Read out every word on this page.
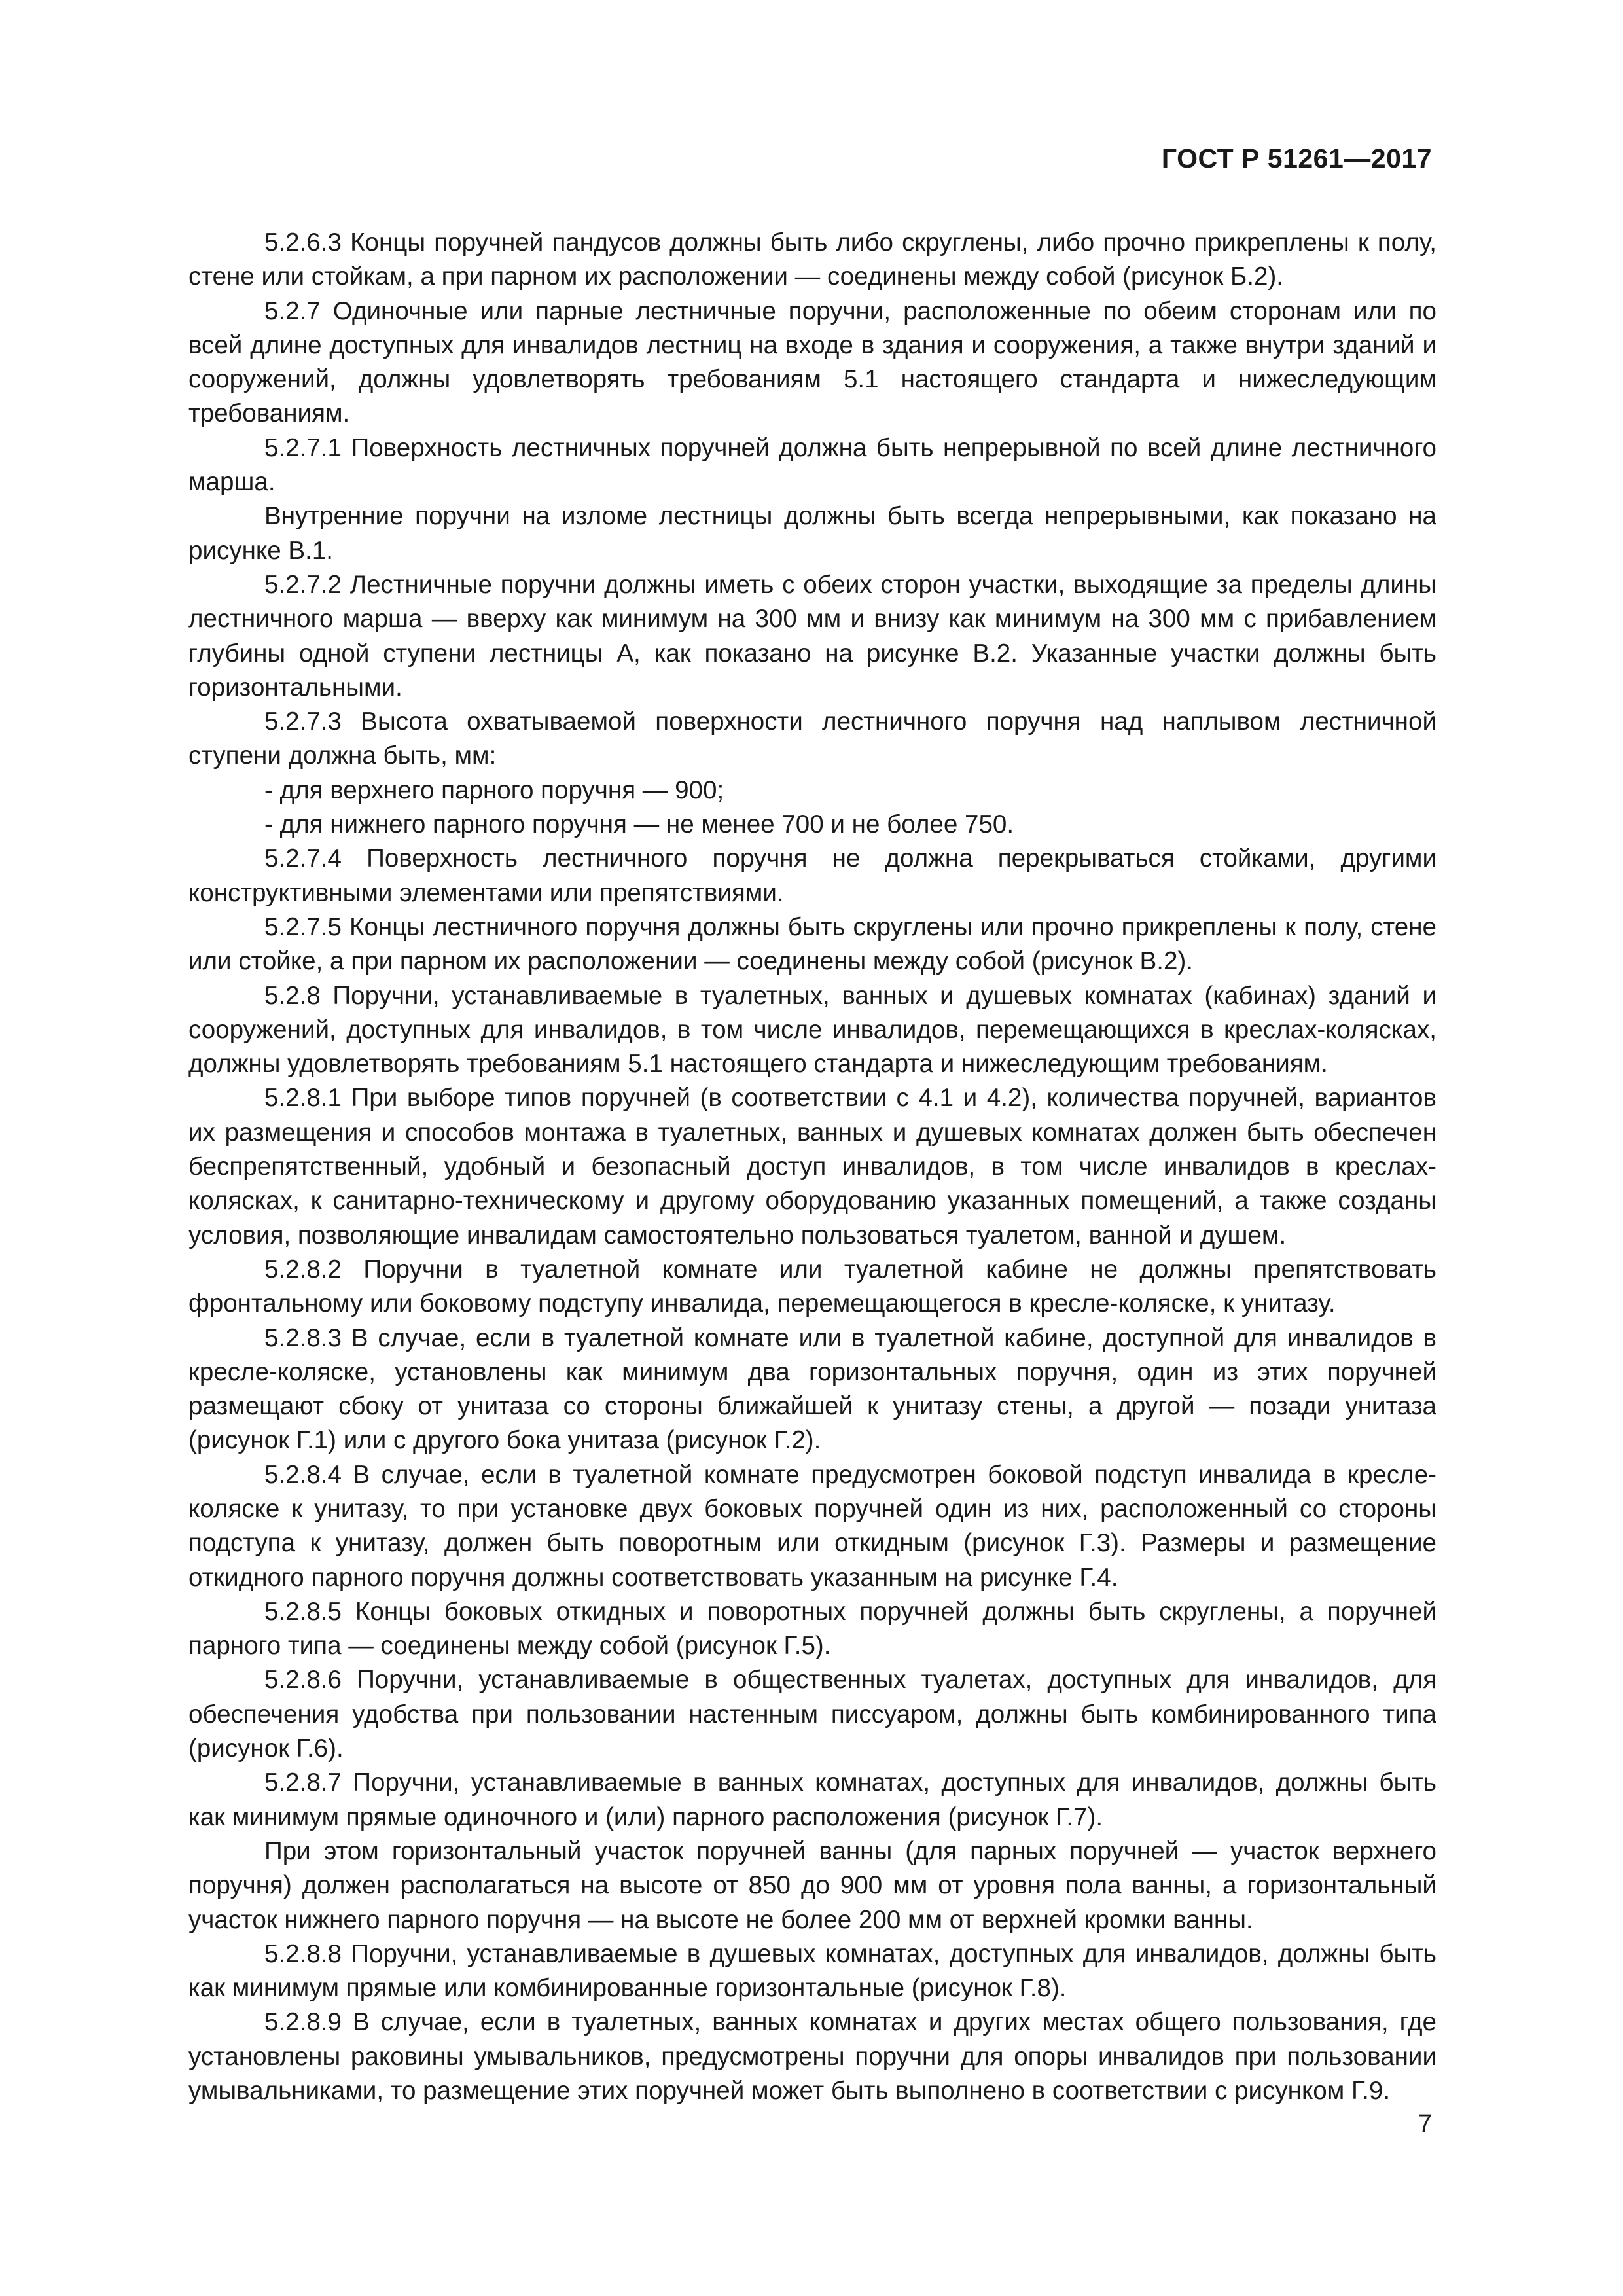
ГОСТ Р 51261—2017

5.2.6.3 Концы поручней пандусов должны быть либо скруглены, либо прочно прикреплены к полу, стене или стойкам, а при парном их расположении — соединены между собой (рисунок Б.2).

5.2.7 Одиночные или парные лестничные поручни, расположенные по обеим сторонам или по всей длине доступных для инвалидов лестниц на входе в здания и сооружения, а также внутри зданий и сооружений, должны удовлетворять требованиям 5.1 настоящего стандарта и нижеследующим требованиям.

5.2.7.1 Поверхность лестничных поручней должна быть непрерывной по всей длине лестничного марша.

Внутренние поручни на изломе лестницы должны быть всегда непрерывными, как показано на рисунке В.1.

5.2.7.2 Лестничные поручни должны иметь с обеих сторон участки, выходящие за пределы длины лестничного марша — вверху как минимум на 300 мм и внизу как минимум на 300 мм с прибавлением глубины одной ступени лестницы А, как показано на рисунке В.2. Указанные участки должны быть горизонтальными.

5.2.7.3 Высота охватываемой поверхности лестничного поручня над наплывом лестничной ступени должна быть, мм:

- для верхнего парного поручня — 900;

- для нижнего парного поручня — не менее 700 и не более 750.

5.2.7.4 Поверхность лестничного поручня не должна перекрываться стойками, другими конструктивными элементами или препятствиями.

5.2.7.5 Концы лестничного поручня должны быть скруглены или прочно прикреплены к полу, стене или стойке, а при парном их расположении — соединены между собой (рисунок В.2).

5.2.8 Поручни, устанавливаемые в туалетных, ванных и душевых комнатах (кабинах) зданий и сооружений, доступных для инвалидов, в том числе инвалидов, перемещающихся в креслах-колясках, должны удовлетворять требованиям 5.1 настоящего стандарта и нижеследующим требованиям.

5.2.8.1 При выборе типов поручней (в соответствии с 4.1 и 4.2), количества поручней, вариантов их размещения и способов монтажа в туалетных, ванных и душевых комнатах должен быть обеспечен беспрепятственный, удобный и безопасный доступ инвалидов, в том числе инвалидов в креслах-колясках, к санитарно-техническому и другому оборудованию указанных помещений, а также созданы условия, позволяющие инвалидам самостоятельно пользоваться туалетом, ванной и душем.

5.2.8.2 Поручни в туалетной комнате или туалетной кабине не должны препятствовать фронтальному или боковому подступу инвалида, перемещающегося в кресле-коляске, к унитазу.

5.2.8.3 В случае, если в туалетной комнате или в туалетной кабине, доступной для инвалидов в кресле-коляске, установлены как минимум два горизонтальных поручня, один из этих поручней размещают сбоку от унитаза со стороны ближайшей к унитазу стены, а другой — позади унитаза (рисунок Г.1) или с другого бока унитаза (рисунок Г.2).

5.2.8.4 В случае, если в туалетной комнате предусмотрен боковой подступ инвалида в кресле-коляске к унитазу, то при установке двух боковых поручней один из них, расположенный со стороны подступа к унитазу, должен быть поворотным или откидным (рисунок Г.3). Размеры и размещение откидного парного поручня должны соответствовать указанным на рисунке Г.4.

5.2.8.5 Концы боковых откидных и поворотных поручней должны быть скруглены, а поручней парного типа — соединены между собой (рисунок Г.5).

5.2.8.6 Поручни, устанавливаемые в общественных туалетах, доступных для инвалидов, для обеспечения удобства при пользовании настенным писсуаром, должны быть комбинированного типа (рисунок Г.6).

5.2.8.7 Поручни, устанавливаемые в ванных комнатах, доступных для инвалидов, должны быть как минимум прямые одиночного и (или) парного расположения (рисунок Г.7).

При этом горизонтальный участок поручней ванны (для парных поручней — участок верхнего поручня) должен располагаться на высоте от 850 до 900 мм от уровня пола ванны, а горизонтальный участок нижнего парного поручня — на высоте не более 200 мм от верхней кромки ванны.

5.2.8.8 Поручни, устанавливаемые в душевых комнатах, доступных для инвалидов, должны быть как минимум прямые или комбинированные горизонтальные (рисунок Г.8).

5.2.8.9 В случае, если в туалетных, ванных комнатах и других местах общего пользования, где установлены раковины умывальников, предусмотрены поручни для опоры инвалидов при пользовании умывальниками, то размещение этих поручней может быть выполнено в соответствии с рисунком Г.9.

7
